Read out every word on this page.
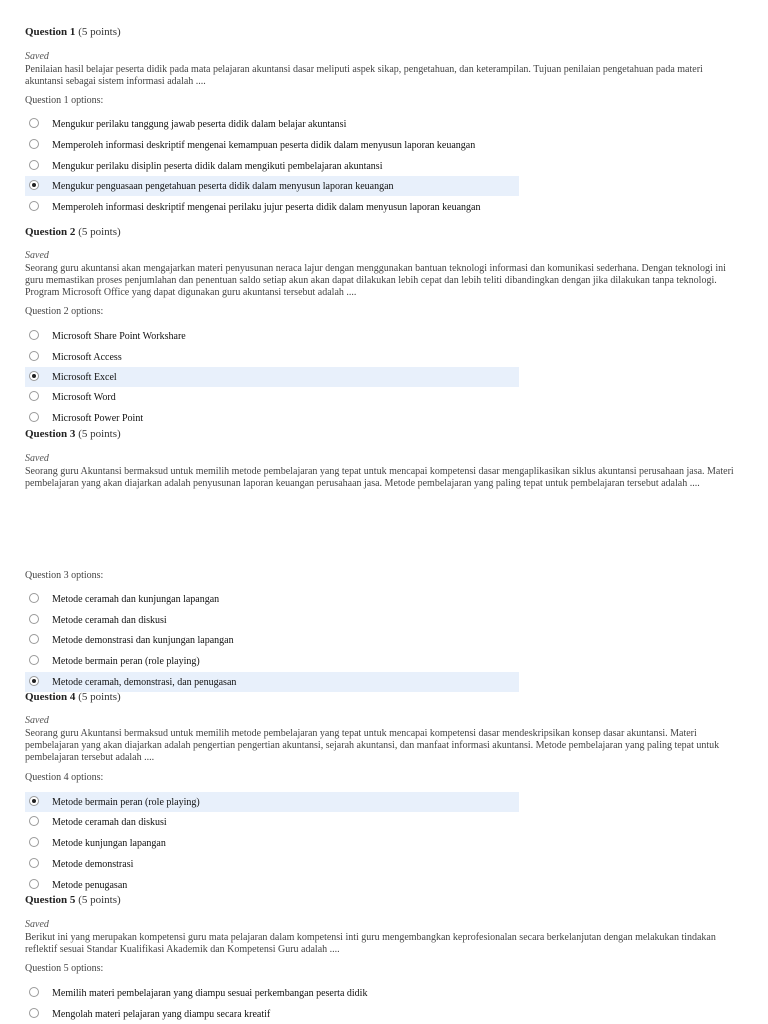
Question 1 (5 points)
Saved
Penilaian hasil belajar peserta didik pada mata pelajaran akuntansi dasar meliputi aspek sikap, pengetahuan, dan keterampilan. Tujuan penilaian pengetahuan pada materi akuntansi sebagai sistem informasi adalah ....
Question 1 options:
Mengukur perilaku tanggung jawab peserta didik dalam belajar akuntansi
Memperoleh informasi deskriptif mengenai kemampuan peserta didik dalam menyusun laporan keuangan
Mengukur perilaku disiplin peserta didik dalam mengikuti pembelajaran akuntansi
Mengukur penguasaan pengetahuan peserta didik dalam menyusun laporan keuangan
Memperoleh informasi deskriptif mengenai perilaku jujur peserta didik dalam menyusun laporan keuangan
Question 2 (5 points)
Saved
Seorang guru akuntansi akan mengajarkan materi penyusunan neraca lajur dengan menggunakan bantuan teknologi informasi dan komunikasi sederhana. Dengan teknologi ini guru memastikan proses penjumlahan dan penentuan saldo setiap akun akan dapat dilakukan lebih cepat dan lebih teliti dibandingkan dengan jika dilakukan tanpa teknologi. Program Microsoft Office yang dapat digunakan guru akuntansi tersebut adalah ....
Question 2 options:
Microsoft Share Point Workshare
Microsoft Access
Microsoft Excel
Microsoft Word
Microsoft Power Point
Question 3 (5 points)
Saved
Seorang guru Akuntansi bermaksud untuk memilih metode pembelajaran yang tepat untuk mencapai kompetensi dasar mengaplikasikan siklus akuntansi perusahaan jasa. Materi pembelajaran yang akan diajarkan adalah penyusunan laporan keuangan perusahaan jasa. Metode pembelajaran yang paling tepat untuk pembelajaran tersebut adalah ....
Question 3 options:
Metode ceramah dan kunjungan lapangan
Metode ceramah dan diskusi
Metode demonstrasi dan kunjungan lapangan
Metode bermain peran (role playing)
Metode ceramah, demonstrasi, dan penugasan
Question 4 (5 points)
Saved
Seorang guru Akuntansi bermaksud untuk memilih metode pembelajaran yang tepat untuk mencapai kompetensi dasar mendeskripsikan konsep dasar akuntansi. Materi pembelajaran yang akan diajarkan adalah pengertian pengertian akuntansi, sejarah akuntansi, dan manfaat informasi akuntansi. Metode pembelajaran yang paling tepat untuk pembelajaran tersebut adalah ....
Question 4 options:
Metode bermain peran (role playing)
Metode ceramah dan diskusi
Metode kunjungan lapangan
Metode demonstrasi
Metode penugasan
Question 5 (5 points)
Saved
Berikut ini yang merupakan kompetensi guru mata pelajaran dalam kompetensi inti guru mengembangkan keprofesionalan secara berkelanjutan dengan melakukan tindakan reflektif sesuai Standar Kualifikasi Akademik dan Kompetensi Guru adalah ....
Question 5 options:
Memilih materi pembelajaran yang diampu sesuai perkembangan peserta didik
Mengolah materi pelajaran yang diampu secara kreatif
